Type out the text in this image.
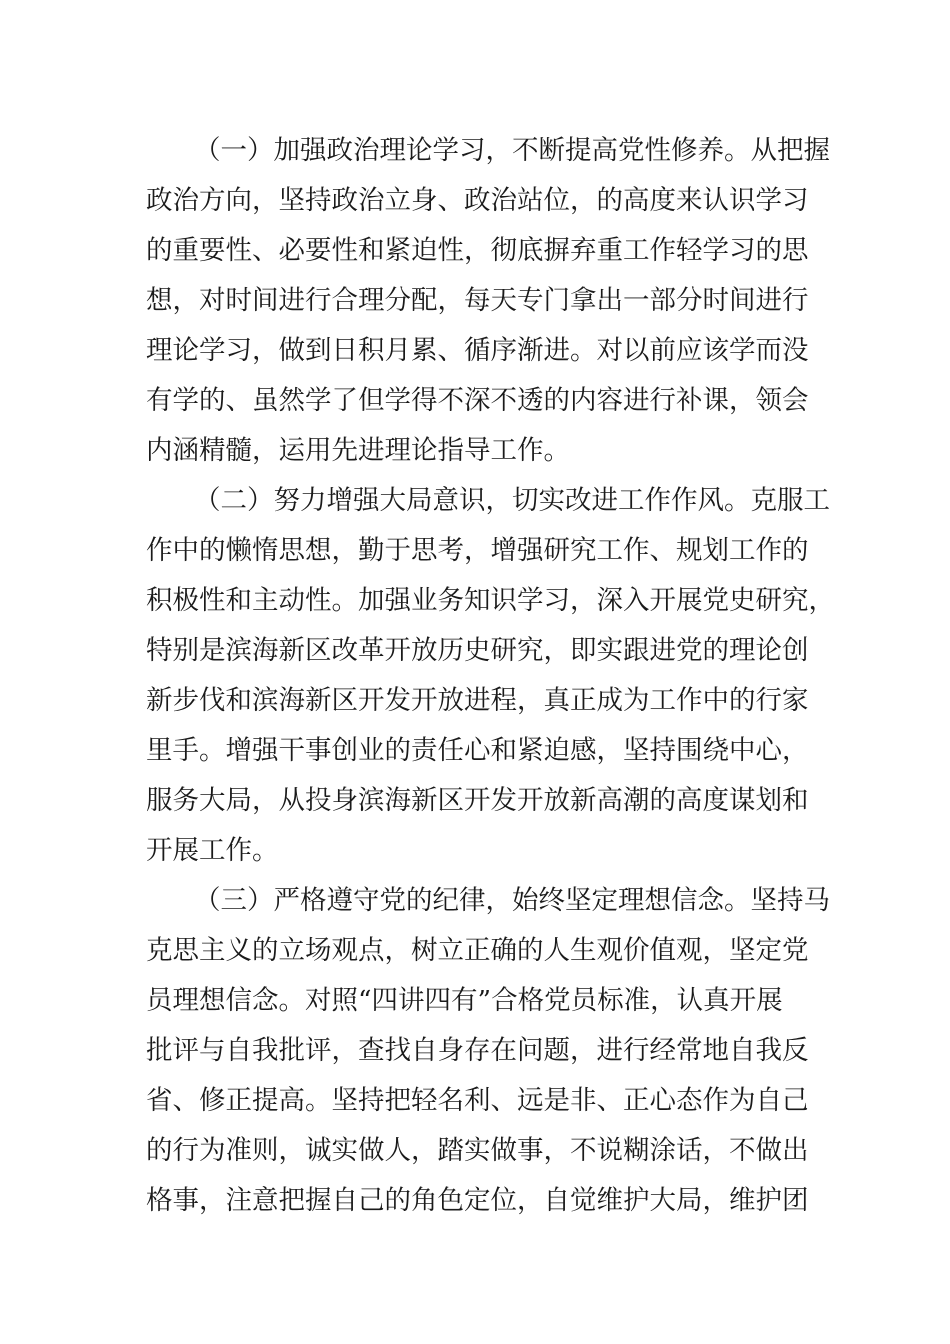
（一）加强政治理论学习，不断提高党性修养。从把握
政治方向，坚持政治立身、政治站位，的高度来认识学习
的重要性、必要性和紧迫性，彻底摒弃重工作轻学习的思
想，对时间进行合理分配，每天专门拿出一部分时间进行
理论学习，做到日积月累、循序渐进。对以前应该学而没
有学的、虽然学了但学得不深不透的内容进行补课，领会
内涵精髓，运用先进理论指导工作。
（二）努力增强大局意识，切实改进工作作风。克服工
作中的懒惰思想，勤于思考，增强研究工作、规划工作的
积极性和主动性。加强业务知识学习，深入开展党史研究，
特别是滨海新区改革开放历史研究，即实跟进党的理论创
新步伐和滨海新区开发开放进程，真正成为工作中的行家
里手。增强干事创业的责任心和紧迫感，坚持围绕中心，
服务大局，从投身滨海新区开发开放新高潮的高度谋划和
开展工作。
（三）严格遵守党的纪律，始终坚定理想信念。坚持马
克思主义的立场观点，树立正确的人生观价值观，坚定党
员理想信念。对照“四讲四有”合格党员标准，认真开展
批评与自我批评，查找自身存在问题，进行经常地自我反
省、修正提高。坚持把轻名利、远是非、正心态作为自己
的行为准则，诚实做人，踏实做事，不说糊涂话，不做出
格事，注意把握自己的角色定位，自觉维护大局，维护团
